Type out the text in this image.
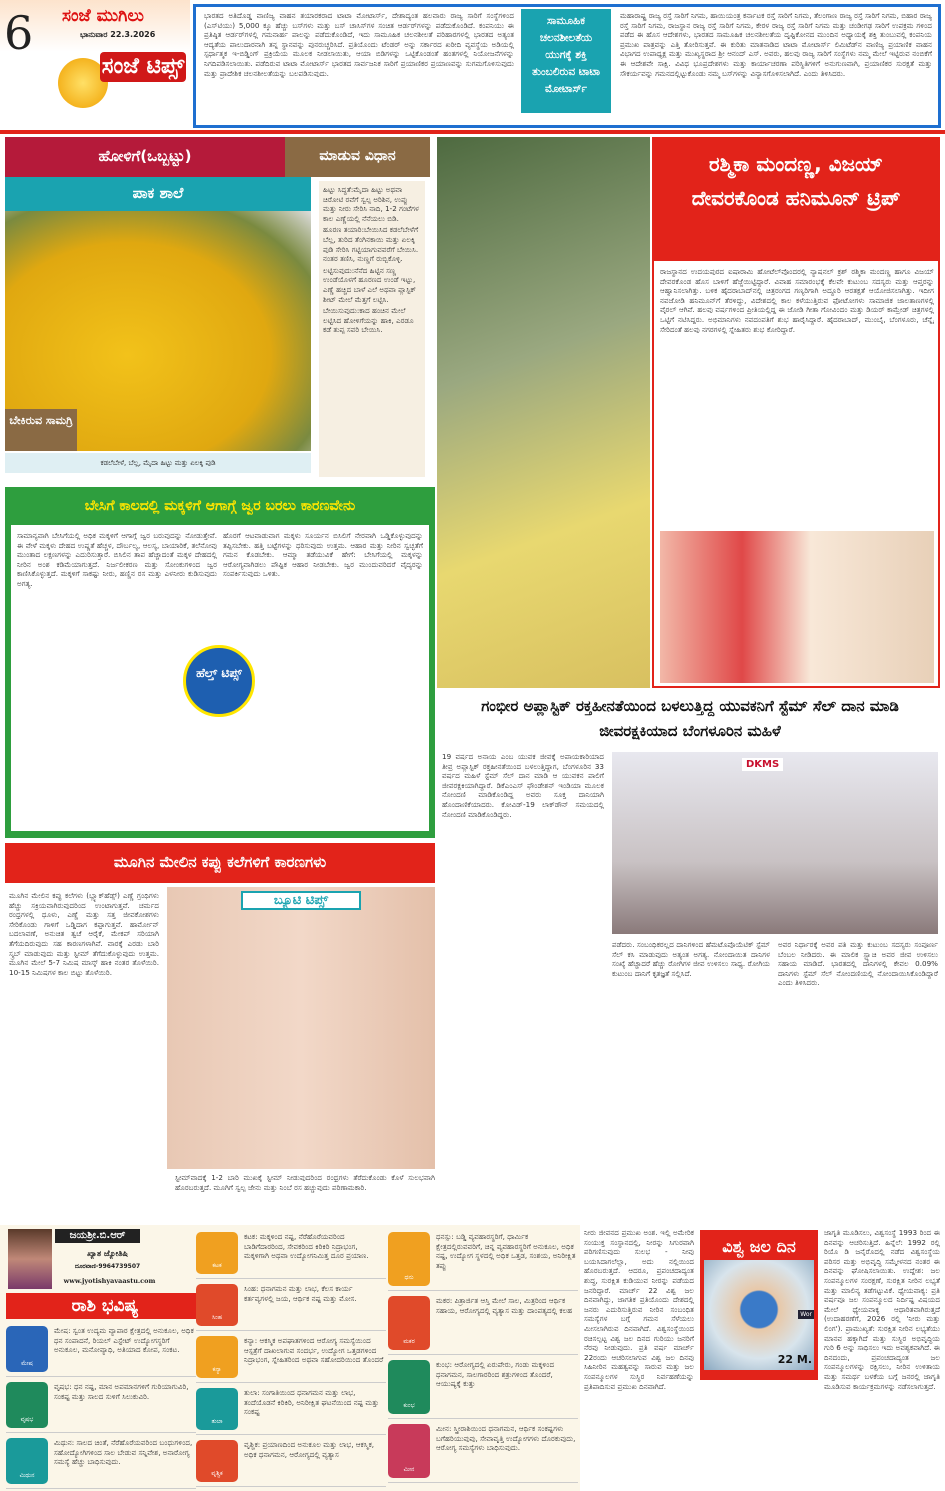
6 ಸಂಜೆ ಮುಗಿಲು
ಭಾನುವಾರ 22.3.2026
ಸಂಜೆ ಟಿಪ್ಸ್
ಭಾರತದ ಅತಿದೊಡ್ಡ ವಾಣಿಜ್ಯ ವಾಹನ ತಯಾರಕರಾದ ಟಾಟಾ ಮೋಟಾರ್ಸ್, ದೇಶಾದ್ಯಂತ ಹಲವಾರು ರಾಜ್ಯ ಸಾರಿಗೆ ಸಂಸ್ಥೆಗಳಿಂದ (ಎಸ್‌ಟಿಯು) 5,000 ಕ್ಕೂ ಹೆಚ್ಚು ಬಸ್‌ಗಳು ಮತ್ತು ಬಸ್ ಚಾಸಿಸ್‌ಗಳ ಸಂಚಿತ ಆರ್ಡರ್‌ಗಳನ್ನು ಪಡೆದುಕೊಂಡಿದೆ. ಕಂಪನಿಯು ಈ ಪ್ರತಿಷ್ಠಿತ ಆರ್ಡರ್‌ಗಳಲ್ಲಿ ಗಮನಾರ್ಹ ಪಾಲನ್ನು ಪಡೆದುಕೊಂಡಿದೆ, ಇದು ಸಾಮೂಹಿಕ ಚಲನಶೀಲತೆ ಪರಿಹಾರಗಳಲ್ಲಿ ಭಾರತದ ಅತ್ಯಂತ ಆದ್ಯತೆಯ ಪಾಲುದಾರನಾಗಿ ತನ್ನ ಸ್ಥಾನವನ್ನು ಪುನರುಚ್ಚರಿಸಿದೆ. ಪ್ರತಿಯೊಂದು ಟೆಂಡರ್ ಅನ್ನು ಸರ್ಕಾರದ ಖರೀದಿ ವ್ಯವಸ್ಥೆಯ ಅಡಿಯಲ್ಲಿ ಸ್ಪರ್ಧಾತ್ಮಕ ಇ-ಬಿಡ್ಡಿಂಗ್ ಪ್ರಕ್ರಿಯೆಯ ಮೂಲಕ ನೀಡಲಾಯಿತು, ಆಯಾ ಬಿಡಿಗಳನ್ನು ಒಟ್ಟಿಕೊಂಡಂತೆ ಹಂತಗಳಲ್ಲಿ ನಿಯೋಜನೆಗಳನ್ನು ನಿಗದಿಪಡಿಸಲಾಯಿತು. ಪಡೆದಿರುವ ಟಾಟಾ ಮೋಟಾರ್ಸ್ ಭಾರತದ ಸಾರ್ವಜನಿಕ ಸಾರಿಗೆ ಪ್ರಯಾಣಿಕರ ಪ್ರಯಾಣವನ್ನು ಸುಗಮಗೊಳಿಸುವುದು ಮತ್ತು ಪ್ರಾದೇಶಿಕ ಚಲನಶೀಲತೆಯನ್ನು ಬಲಪಡಿಸುವುದು.
ಸಾಮೂಹಿಕ ಚಲನಶೀಲತೆಯ ಯುಗಕ್ಕೆ ಶಕ್ತಿ ತುಂಬಲಿರುವ ಟಾಟಾ ಮೋಟಾರ್ಸ್
ಮಹಾರಾಷ್ಟ್ರ ರಾಜ್ಯ ರಸ್ತೆ ಸಾರಿಗೆ ನಿಗಮ, ಹಾಯಿಯಂತ್ರ ಕರ್ನಾಟಕ ರಸ್ತೆ ಸಾರಿಗೆ ನಿಗಮ, ತೆಲಂಗಾಣ ರಾಜ್ಯ ರಸ್ತೆ ಸಾರಿಗೆ ನಿಗಮ, ಬಿಹಾರ ರಾಜ್ಯ ರಸ್ತೆ ಸಾರಿಗೆ ನಿಗಮ, ರಾಜಸ್ಥಾನ ರಾಜ್ಯ ರಸ್ತೆ ಸಾರಿಗೆ ನಿಗಮ, ಕೇರಳ ರಾಜ್ಯ ರಸ್ತೆ ಸಾರಿಗೆ ನಿಗಮ ಮತ್ತು ಚಂಡೀಗಢ ಸಾರಿಗೆ ಉಪಕ್ರಮ ಗಳಿಂದ ಪಡೆದ ಈ ಹೊಸ ಆದೇಶಗಳು, ಭಾರತದ ಸಾಮೂಹಿಕ ಚಲನಶೀಲತೆಯ ದೃಷ್ಟಿಕೋನದ ಮುಂದಿನ ಅಧ್ಯಾಯಕ್ಕೆ ಶಕ್ತಿ ತುಂಬುವಲ್ಲಿ ಕಂಪನಿಯ ಪ್ರಮುಖ ಪಾತ್ರವನ್ನು ಎತ್ತಿ ತೋರಿಸುತ್ತವೆ. ಈ ಕುರಿತು ಮಾತನಾಡಿದ ಟಾಟಾ ಮೋಟಾರ್ಸ್ ಲಿಮಿಟೆಡ್‌ನ ವಾಣಿಜ್ಯ ಪ್ರಯಾಣಿಕ ವಾಹನ ವಿಭಾಗದ ಉಪಾಧ್ಯಕ್ಷ ಮತ್ತು ಮುಖ್ಯಸ್ಥರಾದ ಶ್ರೀ ಆನಂದ್ ಎಸ್. ಅವರು, ಹಲವು ರಾಜ್ಯ ಸಾರಿಗೆ ಸಂಸ್ಥೆಗಳು ನಮ್ಮ ಮೇಲೆ ಇಟ್ಟಿರುವ ನಂಬಿಕೆಗೆ ಈ ಆದೇಶವೇ ಸಾಕ್ಷಿ. ವಿವಿಧ ಭೂಪ್ರದೇಶಗಳು ಮತ್ತು ಕಾರ್ಯಾಚರಣಾ ಪರಿಸ್ಥಿತಿಗಳಿಗೆ ಅನುಗುಣವಾಗಿ, ಪ್ರಯಾಣಿಕರ ಸುರಕ್ಷತೆ ಮತ್ತು ಸೌಕರ್ಯವನ್ನು ಗಮನದಲ್ಲಿಟ್ಟುಕೊಂಡು ನಮ್ಮ ಬಸ್‌ಗಳನ್ನು ವಿನ್ಯಾಸಗೊಳಿಸಲಾಗಿದೆ. ಎಂದು ತಿಳಿಸಿದರು.
ಹೋಳಿಗೆ(ಒಬ್ಬಟ್ಟು)	ಮಾಡುವ ವಿಧಾನ
ಪಾಕ ಶಾಲೆ
ಬೇಕಿರುವ ಸಾಮಗ್ರಿ
ಕಡಲೆಬೇಳೆ, ಬೆಲ್ಲ, ಮೈದಾ ಹಿಟ್ಟು ಮತ್ತು ಏಲಕ್ಕಿ ಪುಡಿ
ಹಿಟ್ಟು ಸಿದ್ಧತೆ:ಮೈದಾ ಹಿಟ್ಟು ಅಥವಾ ಚಿರೋಟಿ ರವೆಗೆ ಸ್ವಲ್ಪ ಅರಿಶಿನ, ಉಪ್ಪು ಮತ್ತು ನೀರು ಸೇರಿಸಿ ನಾದಿ, 1-2 ಗಂಟೆಗಳ ಕಾಲ ಎಣ್ಣೆಯಲ್ಲಿ ನೆನೆಯಲು ಬಿಡಿ.
ಹೂರಣ ತಯಾರಿ:ಬೇಯಿಸಿದ ಕಡಲೆಬೇಳೆಗೆ ಬೆಲ್ಲ, ತುರಿದ ತೆಂಗಿನಕಾಯಿ ಮತ್ತು ಏಲಕ್ಕಿ ಪುಡಿ ಸೇರಿಸಿ ಗಟ್ಟಿಯಾಗುವವರೆಗೆ ಬೇಯಿಸಿ. ನಂತರ ತಣಿಸಿ, ನುಣ್ಣಗೆ ರುಬ್ಬಿಕೊಳ್ಳಿ.
ಲಟ್ಟಿಸುವುದು:ನೆನೆದ ಹಿಟ್ಟಿನ ಸಣ್ಣ ಉಂಡೆಯೊಳಗೆ ಹೂರಣದ ಉಂಡೆ ಇಟ್ಟು, ಎಣ್ಣೆ ಹಚ್ಚಿದ ಬಾಳೆ ಎಲೆ ಅಥವಾ ಪ್ಲಾಸ್ಟಿಕ್ ಶೀಟ್ ಮೇಲೆ ಮೆತ್ತಗೆ ಲಟ್ಟಿಸಿ.
ಬೇಯಿಸುವುದು:ಕಾದ ಹಂಚಿನ ಮೇಲೆ ಲಟ್ಟಿಸಿದ ಹೋಳಿಗೆಯನ್ನು ಹಾಕಿ, ಎರಡೂ ಕಡೆ ತುಪ್ಪ ಸವರಿ ಬೇಯಿಸಿ.
ಬೇಸಿಗೆ ಕಾಲದಲ್ಲಿ ಮಕ್ಕಳಿಗೆ ಆಗಾಗ್ಗೆ ಜ್ವರ ಬರಲು ಕಾರಣವೇನು
ಸಾಮಾನ್ಯವಾಗಿ ಬೇಸಿಗೆಯಲ್ಲಿ ಅಧಿಕ ಮಕ್ಕಳಿಗೆ ಆಗಾಗ್ಗೆ ಜ್ವರ ಬರುವುದನ್ನು ನೋಡುತ್ತೇವೆ. ಈ ವೇಳೆ ಮಕ್ಕಳು ದೇಹದ ಉಷ್ಣತೆ ಹೆಚ್ಚಳ, ದೌರ್ಬಲ್ಯ, ಆಲಸ್ಯ, ಬಾಯಾರಿಕೆ, ತಲೆನೋವು ಮುಂತಾದ ಲಕ್ಷಣಗಳನ್ನು ಎದುರಿಸುತ್ತಾರೆ. ಬಿಸಿಲಿನ ತಾಪ ಹೆಚ್ಚಾದಂತೆ ಮಕ್ಕಳ ದೇಹದಲ್ಲಿ ನೀರಿನ ಅಂಶ ಕಡಿಮೆಯಾಗುತ್ತದೆ. ನಿರ್ಜಲೀಕರಣ ಮತ್ತು ಸೋಂಕುಗಳಿಂದ ಜ್ವರ ಕಾಣಿಸಿಕೊಳ್ಳುತ್ತದೆ. ಮಕ್ಕಳಿಗೆ ಸಾಕಷ್ಟು ನೀರು, ಹಣ್ಣಿನ ರಸ ಮತ್ತು ಎಳನೀರು ಕುಡಿಸುವುದು ಅಗತ್ಯ.
ಹೊರಗೆ ಆಟವಾಡುವಾಗ ಮಕ್ಕಳು ಸೂರ್ಯನ ಬಿಸಿಲಿಗೆ ನೇರವಾಗಿ ಒಡ್ಡಿಕೊಳ್ಳುವುದನ್ನು ತಪ್ಪಿಸಬೇಕು. ಹತ್ತಿ ಬಟ್ಟೆಗಳನ್ನು ಧರಿಸುವುದು ಉತ್ತಮ. ಆಹಾರ ಮತ್ತು ನೀರಿನ ಸ್ವಚ್ಛತೆಗೆ ಗಮನ ಕೊಡಬೇಕು. ಆಮ್ಮಾ ತಡೆಯುವಿಕೆ ಹೇಗೆ: ಬೇಸಿಗೆಯಲ್ಲಿ ಮಕ್ಕಳನ್ನು ಆರೋಗ್ಯವಾಗಿಡಲು ಪೌಷ್ಟಿಕ ಆಹಾರ ನೀಡಬೇಕು. ಜ್ವರ ಮುಂದುವರಿದರೆ ವೈದ್ಯರನ್ನು ಸಂಪರ್ಕಿಸುವುದು ಒಳಿತು.
ಹೆಲ್ತ್ ಟಿಪ್ಸ್
ರಶ್ಮಿಕಾ ಮಂದಣ್ಣ, ವಿಜಯ್ ದೇವರಕೊಂಡ ಹನಿಮೂನ್ ಟ್ರಿಪ್
ರಾಜಸ್ಥಾನದ ಉದಯಪುರದ ಐಷಾರಾಮಿ ಹೋಟೆಲ್‌ವೊಂದರಲ್ಲಿ ನ್ಯಾಷನಲ್ ಕ್ರಶ್ ರಶ್ಮಿಕಾ ಮಂದಣ್ಣ ಹಾಗೂ ವಿಜಯ್ ದೇವರಕೊಂಡ ಹೊಸ ಬಾಳಿಗೆ ಹೆಜ್ಜೆಯಿಟ್ಟಿದ್ದಾರೆ. ವಿವಾಹ ಸಮಾರಂಭಕ್ಕೆ ಕೆಲವೇ ಕುಟುಂಬ ಸದಸ್ಯರು ಮತ್ತು ಆಪ್ತರನ್ನು ಆಹ್ವಾನಿಸಲಾಗಿತ್ತು. ಬಳಿಕ ಹೈದರಾಬಾದ್‌ನಲ್ಲಿ ಚಿತ್ರರಂಗದ ಗಣ್ಯರಿಗಾಗಿ ಅದ್ಧೂರಿ ಆರತಕ್ಷತೆ ಆಯೋಜಿಸಲಾಗಿತ್ತು. ಇದೀಗ ನವಜೋಡಿ ಹನಿಮೂನ್‌ಗೆ ತೆರಳಿದ್ದು, ವಿದೇಶದಲ್ಲಿ ಕಾಲ ಕಳೆಯುತ್ತಿರುವ ಫೋಟೋಗಳು ಸಾಮಾಜಿಕ ಜಾಲತಾಣಗಳಲ್ಲಿ ವೈರಲ್ ಆಗಿವೆ. ಹಲವು ವರ್ಷಗಳಿಂದ ಪ್ರೀತಿಯಲ್ಲಿದ್ದ ಈ ಜೋಡಿ ಗೀತಾ ಗೋವಿಂದಂ ಮತ್ತು ಡಿಯರ್ ಕಾಮ್ರೇಡ್ ಚಿತ್ರಗಳಲ್ಲಿ ಒಟ್ಟಿಗೆ ನಟಿಸಿದ್ದರು. ಅಭಿಮಾನಿಗಳು ನವದಂಪತಿಗೆ ಶುಭ ಹಾರೈಸಿದ್ದಾರೆ. ಹೈದರಾಬಾದ್, ಮುಂಬೈ, ಬೆಂಗಳೂರು, ಚೆನ್ನೈ ಸೇರಿದಂತೆ ಹಲವು ನಗರಗಳಲ್ಲಿ ಸ್ನೇಹಿತರು ಶುಭ ಕೋರಿದ್ದಾರೆ.
ಗಂಭೀರ ಅಪ್ಲಾಸ್ಟಿಕ್ ರಕ್ತಹೀನತೆಯಿಂದ ಬಳಲುತ್ತಿದ್ದ ಯುವಕನಿಗೆ ಸ್ಟೆಮ್ ಸೆಲ್ ದಾನ ಮಾಡಿ ಜೀವರಕ್ಷಕಿಯಾದ ಬೆಂಗಳೂರಿನ ಮಹಿಳೆ
19 ವರ್ಷದ ಅನಾಯ ಎಂಬ ಯುವಕ ಜೀವಕ್ಕೆ ಅಪಾಯಕಾರಿಯಾದ ತೀವ್ರ ಅಪ್ಲಾಸ್ಟಿಕ್ ರಕ್ತಹೀನತೆಯಿಂದ ಬಳಲುತ್ತಿದ್ದಾಗ, ಬೆಂಗಳೂರಿನ 33 ವರ್ಷದ ಮಹಿಳೆ ಸ್ಟೆಮ್ ಸೆಲ್ ದಾನ ಮಾಡಿ ಆ ಯುವಕನ ಪಾಲಿಗೆ ಜೀವರಕ್ಷಕಿಯಾಗಿದ್ದಾರೆ. ಡಿಕೆಎಂಎಸ್ ಫೌಂಡೇಶನ್ ಇಂಡಿಯಾ ಮೂಲಕ ನೋಂದಣಿ ಮಾಡಿಕೊಂಡಿದ್ದ ಅವರು ಸೂಕ್ತ ದಾನಿಯಾಗಿ ಹೊಂದಾಣಿಕೆಯಾದರು. ಕೋವಿಡ್-19 ಲಾಕ್‌ಡೌನ್ ಸಮಯದಲ್ಲಿ ನೋಂದಣಿ ಮಾಡಿಕೊಂಡಿದ್ದರು.
DKMS
ಪಡೆದರು. ಸಂಬಂಧಿಕರಲ್ಲದ ದಾನಿಗಳಿಂದ ಹೆಮಟೊಪೊಯೆಟಿಕ್ ಸ್ಟೆಮ್ ಸೆಲ್ ಕಸಿ ಮಾಡುವುದು ಅತ್ಯಂತ ಅಗತ್ಯ. ನೋಂದಾಯಿತ ದಾನಿಗಳ ಸಂಖ್ಯೆ ಹೆಚ್ಚಾದರೆ ಹೆಚ್ಚು ರೋಗಿಗಳ ಜೀವ ಉಳಿಸಲು ಸಾಧ್ಯ. ರೋಗಿಯ ಕುಟುಂಬ ದಾನಿಗೆ ಕೃತಜ್ಞತೆ ಸಲ್ಲಿಸಿದೆ.
ಅವರ ನಿರ್ಧಾರಕ್ಕೆ ಅವರ ಪತಿ ಮತ್ತು ಕುಟುಂಬ ಸದಸ್ಯರು ಸಂಪೂರ್ಣ ಬೆಂಬಲ ನೀಡಿದರು. ಈ ಮಾಲಿಕ ಸ್ಟ್ಯಾಚಿ ಅವರ ಜೀವ ಉಳಿಸಲು ಸಹಾಯ ಮಾಡಿದೆ. ಭಾರತದಲ್ಲಿ ದಾನಿಗಳಲ್ಲಿ ಕೇವಲ 0.09% ದಾನಿಗಳು ಸ್ಟೆಮ್ ಸೆಲ್ ನೋಂದಣಿಯಲ್ಲಿ ನೋಂದಾಯಿಸಿಕೊಂಡಿದ್ದಾರೆ ಎಂದು ತಿಳಿಸಿದರು.
ಮೂಗಿನ ಮೇಲಿನ ಕಪ್ಪು ಕಲೆಗಳಿಗೆ ಕಾರಣಗಳು
ಮೂಗಿನ ಮೇಲಿನ ಕಪ್ಪು ಕಲೆಗಳು (ಬ್ಲ್ಯಾಕ್‌ಹೆಡ್ಸ್) ಎಣ್ಣೆ ಗ್ರಂಥಿಗಳು ಹೆಚ್ಚು ಸಕ್ರಿಯವಾಗಿರುವುದರಿಂದ ಉಂಟಾಗುತ್ತವೆ. ಚರ್ಮದ ರಂಧ್ರಗಳಲ್ಲಿ ಧೂಳು, ಎಣ್ಣೆ ಮತ್ತು ಸತ್ತ ಜೀವಕೋಶಗಳು ಸೇರಿಕೊಂಡು ಗಾಳಿಗೆ ಒಡ್ಡಿದಾಗ ಕಪ್ಪಾಗುತ್ತವೆ. ಹಾರ್ಮೋನ್ ಬದಲಾವಣೆ, ಅನುಚಿತ ತ್ವಚೆ ಆರೈಕೆ, ಮೇಕಪ್ ಸರಿಯಾಗಿ ತೆಗೆಯದಿರುವುದು ಸಹ ಕಾರಣಗಳಾಗಿವೆ. ವಾರಕ್ಕೆ ಎರಡು ಬಾರಿ ಸ್ಕ್ರಬ್ ಮಾಡುವುದು ಮತ್ತು ಸ್ಟೀಮ್ ತೆಗೆದುಕೊಳ್ಳುವುದು ಉತ್ತಮ. ಮೂಗಿನ ಮೇಲೆ 5-7 ನಿಮಿಷ ಮಾಸ್ಕ್ ಹಾಕಿ ನಂತರ ತೊಳೆಯಿರಿ. 10-15 ನಿಮಿಷಗಳ ಕಾಲ ಬಿಟ್ಟು ತೊಳೆಯಿರಿ.
ಬ್ಯೂಟಿ ಟಿಪ್ಸ್
ಸ್ಟೀಮ್‌ವಾದಕ್ಕೆ 1-2 ಬಾರಿ ಮುಖಕ್ಕೆ ಸ್ಟೀಮ್ ನೀಡುವುದರಿಂದ ರಂಧ್ರಗಳು ತೆರೆದುಕೊಂಡು ಕೊಳೆ ಸುಲಭವಾಗಿ ಹೊರಬರುತ್ತದೆ. ಮೂಗಿಗೆ ಸ್ವಲ್ಪ ಜೇನು ಮತ್ತು ನಿಂಬೆ ರಸ ಹಚ್ಚುವುದು ಪರಿಣಾಮಕಾರಿ.
ಜಯಶ್ರೀ.ಬಿ.ಆರ್
ಖ್ಯಾತ ಜ್ಯೋತಿಷಿ
ದೂರವಾಣಿ-9964739507
www.jyotishyavaastu.com
ರಾಶಿ ಭವಿಷ್ಯ
ಮೇಷ
ಮೇಷ: ಸ್ವಂತ ಉದ್ಯಮ ವ್ಯಾಪಾರ ಕ್ಷೇತ್ರದಲ್ಲಿ ಅನುಕೂಲ, ಅಧಿಕ ಧನ ಸಂಪಾದನೆ, ರಿಯಲ್ ಎಸ್ಟೇಟ್ ಉದ್ಯೋಗಸ್ಥರಿಗೆ ಅನುಕೂಲ, ಮನೋವ್ಯಾಧಿ, ಅತಿಯಾದ ಕೋಪ, ಸಂಕಟ.
ವೃಷಭ
ವೃಷಭ: ಧನ ನಷ್ಟ, ಮಾನ ಅಪಮಾನಗಳಿಗೆ ಗುರಿಯಾಗುವಿರಿ, ಸಂಕಷ್ಟ ಮತ್ತು ಸಾಲದ ಸುಳಿಗೆ ಸಿಲುಕುವಿರಿ.
ಮಿಥುನ
ಮಿಥುನ: ಸಾಲದ ಚಿಂತೆ, ನೆರೆಹೊರೆಯವರಿಂದ ಬಂಧುಗಳಿಂದ, ಸಹೋದ್ಯೋಗಿಗಳಿಂದ ಸಾಲ ಬೇಡುವ ಸನ್ನಿವೇಶ, ಅನಾರೋಗ್ಯ ಸಮಸ್ಯೆ ಹೆಚ್ಚು ಬಾಧಿಸುವುದು.
ಕಟಕ
ಕಟಕ: ಮಕ್ಕಳಿಂದ ನಷ್ಟ, ನೆರೆಹೊರೆಯವರಿಂದ ಬಾಡಿಗೆದಾರರಿಂದ, ಸೇವಕರಿಂದ ಕಿರಿಕಿರಿ ನಿದ್ರಾಭಂಗ, ಮಕ್ಕಳಿಗಾಗಿ ಅಥವಾ ಉದ್ಯೋಗನಿಮಿತ್ತ ದೂರ ಪ್ರಯಾಣ.
ಸಿಂಹ
ಸಿಂಹ: ಧನಾಗಮನ ಮತ್ತು ಲಾಭ, ಕೆಲಸ ಕಾರ್ಯ ಕರ್ತವ್ಯಗಳಲ್ಲಿ ಜಯ, ಆರ್ಥಿಕ ನಷ್ಟ ಮತ್ತು ಮೋಸ.
ಕನ್ಯಾ
ಕನ್ಯಾ: ಆಕಸ್ಮಿಕ ಅಪಘಾತಗಳಿಂದ ಆರೋಗ್ಯ ಸಮಸ್ಯೆಯಿಂದ ಆಸ್ಪತ್ರೆಗೆ ದಾಖಲಾಗುವ ಸಂದರ್ಭ, ಉದ್ಯೋಗ ಒತ್ತಡಗಳಿಂದ ನಿದ್ರಾಭಂಗ, ಸ್ನೇಹಿತರಿಂದ ಅಥವಾ ಸಹೋದರಿಯಿಂದ ತೊಂದರೆ
ತುಲಾ
ತುಲಾ: ಸಂಗಾತಿಯಿಂದ ಧನಾಗಮನ ಮತ್ತು ಲಾಭ, ತಂದೆಯೊಡನೆ ಕಿರಿಕಿರಿ, ಅನಿರೀಕ್ಷಿತ ಘಟನೆಯಿಂದ ನಷ್ಟ ಮತ್ತು ಸಂಕಷ್ಟ
ವೃಶ್ಚಿಕ
ವೃಶ್ಚಿಕ: ಪ್ರಯಾಣದಿಂದ ಅನುಕೂಲ ಮತ್ತು ಲಾಭ, ಆಕಸ್ಮಿಕ, ಅಧಿಕ ಧನಾಗಮನ, ಆರೋಗ್ಯದಲ್ಲಿ ವ್ಯತ್ಯಾಸ
ಧನು
ಧನಸ್ಸು: ಬಡ್ಡಿ ವ್ಯವಹಾರಸ್ಥರಿಗೆ, ಧಾರ್ಮಿಕ ಕ್ಷೇತ್ರದಲ್ಲಿರುವವರಿಗೆ, ಚಿನ್ನ ವ್ಯವಹಾರಸ್ಥರಿಗೆ ಅನುಕೂಲ, ಅಧಿಕ ನಷ್ಟ, ಉದ್ಯೋಗ ಸ್ಥಳದಲ್ಲಿ ಅಧಿಕ ಒತ್ತಡ, ಸಂಶಯ, ಅನಿರೀಕ್ಷಿತ ತಪ್ಪು
ಮಕರ
ಮಕರ: ಪಿತ್ರಾರ್ಜಿತ ಆಸ್ತಿ ಮೇಲೆ ಸಾಲ, ಮಿತ್ರರಿಂದ ಆರ್ಥಿಕ ಸಹಾಯ, ಆರೋಗ್ಯದಲ್ಲಿ ವ್ಯತ್ಯಾಸ ಮತ್ತು ದಾಂಪತ್ಯದಲ್ಲಿ ಕಲಹ
ಕುಂಭ
ಕುಂಭ: ಆರೋಗ್ಯದಲ್ಲಿ ಏರುಪೇರು, ಗಂಡು ಮಕ್ಕಳಿಂದ ಧನಾಗಮನ, ಸಾಲಗಾರರಿಂದ ಶತ್ರುಗಳಿಂದ ತೊಂದರೆ, ಆಯುಷ್ಯಕ್ಕೆ ಕುತ್ತು
ಮೀನ
ಮೀನ: ಸ್ತ್ರೀರಾಶಿಯಿಂದ ಧನಾಗಮನ, ಆರ್ಥಿಕ ಸಂಕಷ್ಟಗಳು ಬಗೆಹರಿಯುವುವು, ಸೇವಾವೃತ್ತಿ ಉದ್ಯೋಗಗಳು ದೊರಕುವುದು, ಆರೋಗ್ಯ ಸಮಸ್ಯೆಗಳು ಬಾಧಿಸುವುದು.
ನೀರು ಜೀವನದ ಪ್ರಮುಖ ಅಂಶ. ಇಲ್ಲಿ ಅಮೇರಿಕ ಸಂಯುಕ್ತ ಸಂಸ್ಥಾನದಲ್ಲಿ, ನೀರನ್ನು ಸಿಗುರವಾಗಿ ಪರಿಗಣಿಸುವುದು ಸುಲಭ - ನೀವು ಬಯಸಿದಾಗಲೆಲ್ಲಾ, ಅದು ನಲ್ಲಿಯಿಂದ ಹೊರಬರುತ್ತದೆ. ಆದರೂ, ಪ್ರಪಂಚದಾದ್ಯಂತ ಶುದ್ಧ, ಸುರಕ್ಷಿತ ಕುಡಿಯುವ ನೀರನ್ನು ಪಡೆಯದ ಜನರಿದ್ದಾರೆ. ಮಾರ್ಚ್ 22 ವಿಶ್ವ ಜಲ ದಿನವಾಗಿದ್ದು, ಜಾಗತಿಕ ಪ್ರತಿಯೊಂದು ದೇಶದಲ್ಲಿ ಜನರು ಎದುರಿಸುತ್ತಿರುವ ನೀರಿನ ಸಂಬಂಧಿತ ಸಮಸ್ಯೆಗಳ ಬಗ್ಗೆ ಗಮನ ಸೆಳೆಯಲು ಮೀಸಲಾಗಿರುವ ದಿನವಾಗಿದೆ. ವಿಶ್ವಸಂಸ್ಥೆಯಿಂದ ರಚಿಸಲ್ಪಟ್ಟ ವಿಶ್ವ ಜಲ ದಿನದ ಗುರಿಯು ಜನರಿಗೆ ನೆರವು ನೀಡುವುದು. ಪ್ರತಿ ವರ್ಷ ಮಾರ್ಚ್ 22ರಂದು ಆಚರಿಸಲಾಗುವ ವಿಶ್ವ ಜಲ ದಿನವು ಸಿಹಿನೀರಿನ ಮಹತ್ವವನ್ನು ಸಾರುವ ಮತ್ತು ಜಲ ಸಂಪನ್ಮೂಲಗಳ ಸುಸ್ಥಿರ ನಿರ್ವಹಣೆಯನ್ನು ಪ್ರತಿಪಾದಿಸುವ ಪ್ರಮುಖ ದಿನವಾಗಿದೆ.
ವಿಶ್ವ ಜಲ ದಿನ
Wor
22 M.
ಜಾಗೃತಿ ಮೂಡಿಸಲು, ವಿಶ್ವಸಂಸ್ಥೆ 1993 ರಿಂದ ಈ ದಿನವನ್ನು ಆಚರಿಸುತ್ತಿದೆ. ಹಿನ್ನೆಲೆ: 1992 ರಲ್ಲಿ ರಿಯೊ ಡಿ ಜನೈರೊದಲ್ಲಿ ನಡೆದ ವಿಶ್ವಸಂಸ್ಥೆಯ ಪರಿಸರ ಮತ್ತು ಅಭಿವೃದ್ಧಿ ಸಮ್ಮೇಳನದ ನಂತರ ಈ ದಿನವನ್ನು ಘೋಷಿಸಲಾಯಿತು. ಉದ್ದೇಶ: ಜಲ ಸಂಪನ್ಮೂಲಗಳ ಸಂರಕ್ಷಣೆ, ಸುರಕ್ಷಿತ ನೀರಿನ ಲಭ್ಯತೆ ಮತ್ತು ಮಾಲಿನ್ಯ ತಡೆಗಟ್ಟುವಿಕೆ. ಧ್ಯೇಯವಾಕ್ಯ: ಪ್ರತಿ ವರ್ಷವೂ ಜಲ ಸಂಪನ್ಮೂಲದ ನಿರ್ದಿಷ್ಟ ವಿಷಯದ ಮೇಲೆ ಧ್ಯೇಯವಾಕ್ಯ ಆಧಾರಿತವಾಗಿರುತ್ತದೆ (ಉದಾಹರಣೆಗೆ, 2026 ರಲ್ಲಿ 'ನೀರು ಮತ್ತು ಲಿಂಗ'). ಪ್ರಾಮುಖ್ಯತೆ: ಸುರಕ್ಷಿತ ನೀರಿನ ಲಭ್ಯತೆಯು ಮಾನವ ಹಕ್ಕಾಗಿದೆ ಮತ್ತು ಸುಸ್ಥಿರ ಅಭಿವೃದ್ಧಿಯ ಗುರಿ 6 ಅನ್ನು ಸಾಧಿಸಲು ಇದು ಅವಶ್ಯಕವಾಗಿದೆ. ಈ ದಿನದಂದು, ಪ್ರಪಂಚದಾದ್ಯಂತ ಜಲ ಸಂಪನ್ಮೂಲಗಳನ್ನು ರಕ್ಷಿಸಲು, ನೀರಿನ ಉಳಿತಾಯ ಮತ್ತು ಸಮರ್ಥ ಬಳಕೆಯ ಬಗ್ಗೆ ಜನರಲ್ಲಿ ಜಾಗೃತಿ ಮೂಡಿಸುವ ಕಾರ್ಯಕ್ರಮಗಳನ್ನು ನಡೆಸಲಾಗುತ್ತದೆ.
